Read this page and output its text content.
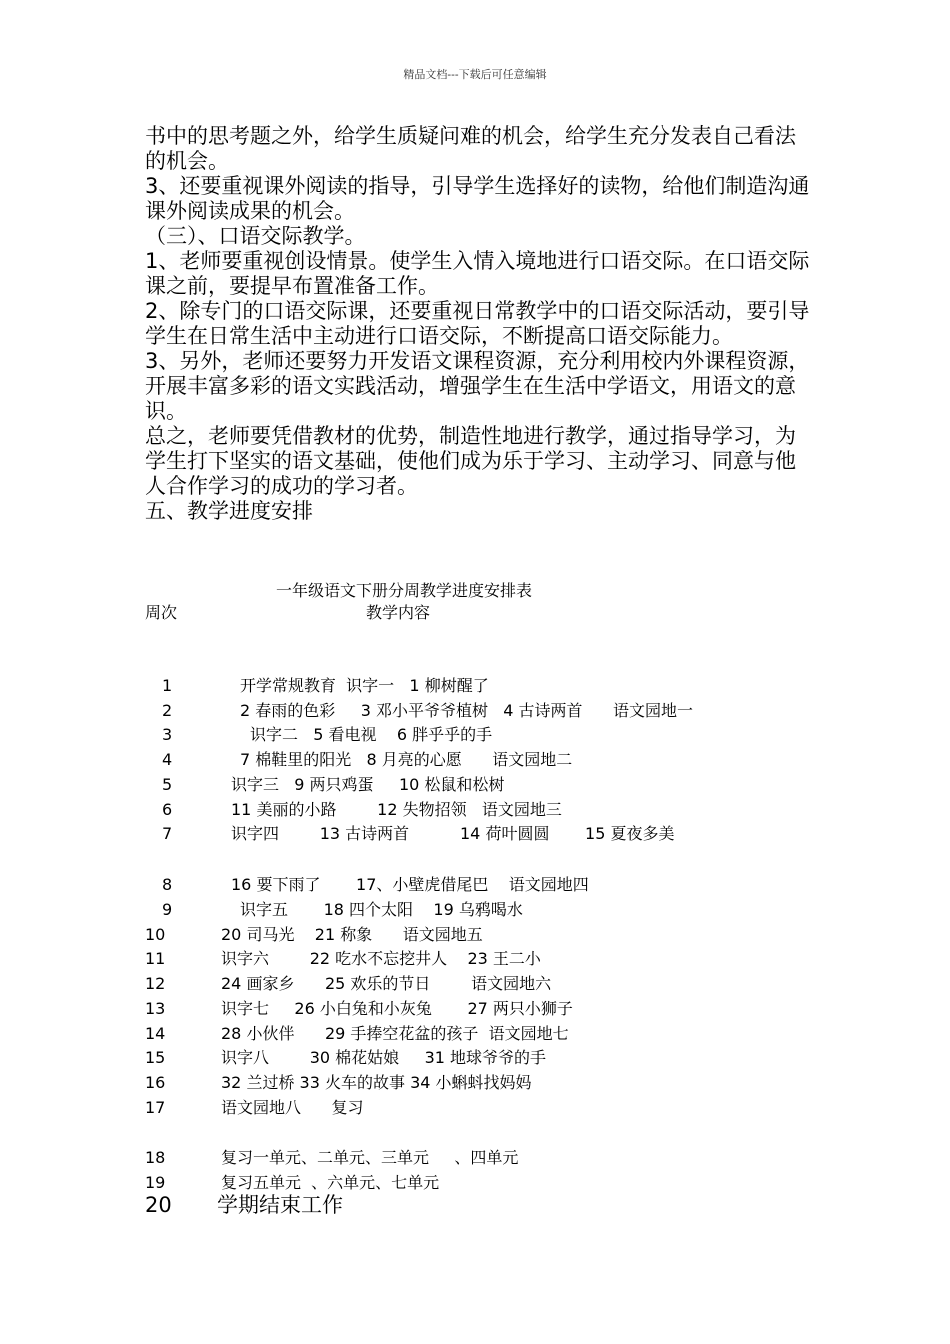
精品文档---下载后可任意编辑

书中的思考题之外，给学生质疑问难的机会，给学生充分发表自己看法的机会。

3、还要重视课外阅读的指导，引导学生选择好的读物，给他们制造沟通课外阅读成果的机会。

（三）、口语交际教学。

1、老师要重视创设情景。使学生入情入境地进行口语交际。在口语交际课之前，要提早布置准备工作。

2、除专门的口语交际课，还要重视日常教学中的口语交际活动，要引导学生在日常生活中主动进行口语交际，不断提高口语交际能力。

3、另外，老师还要努力开发语文课程资源，充分利用校内外课程资源，开展丰富多彩的语文实践活动，增强学生在生活中学语文，用语文的意识。

总之，老师要凭借教材的优势，制造性地进行教学，通过指导学习，为学生打下坚实的语文基础，使他们成为乐于学习、主动学习、同意与他人合作学习的成功的学习者。

五、教学进度安排

一年级语文下册分周教学进度安排表
周次	教学内容
1	开学常规教育  识字一   1 柳树醒了
2	2 春雨的色彩     3 邓小平爷爷植树   4 古诗两首      语文园地一
3	识字二   5 看电视    6 胖乎乎的手
4	7 棉鞋里的阳光   8 月亮的心愿      语文园地二
5	识字三   9 两只鸡蛋     10 松鼠和松树
6	11 美丽的小路        12 失物招领   语文园地三
7	识字四        13 古诗两首          14 荷叶圆圆       15 夏夜多美
8	16 要下雨了       17、小壁虎借尾巴    语文园地四
9	识字五       18 四个太阳    19 乌鸦喝水
10	20 司马光    21 称象      语文园地五
11	识字六        22 吃水不忘挖井人    23 王二小
12	24 画家乡      25 欢乐的节日        语文园地六
13	识字七     26 小白兔和小灰兔       27 两只小狮子
14	28 小伙伴      29 手捧空花盆的孩子  语文园地七
15	识字八        30 棉花姑娘     31 地球爷爷的手
16	32 兰过桥 33 火车的故事 34 小蝌蚪找妈妈
17	语文园地八      复习
18	复习一单元、二单元、三单元     、四单元
19	复习五单元  、六单元、七单元
20 学期结束工作
